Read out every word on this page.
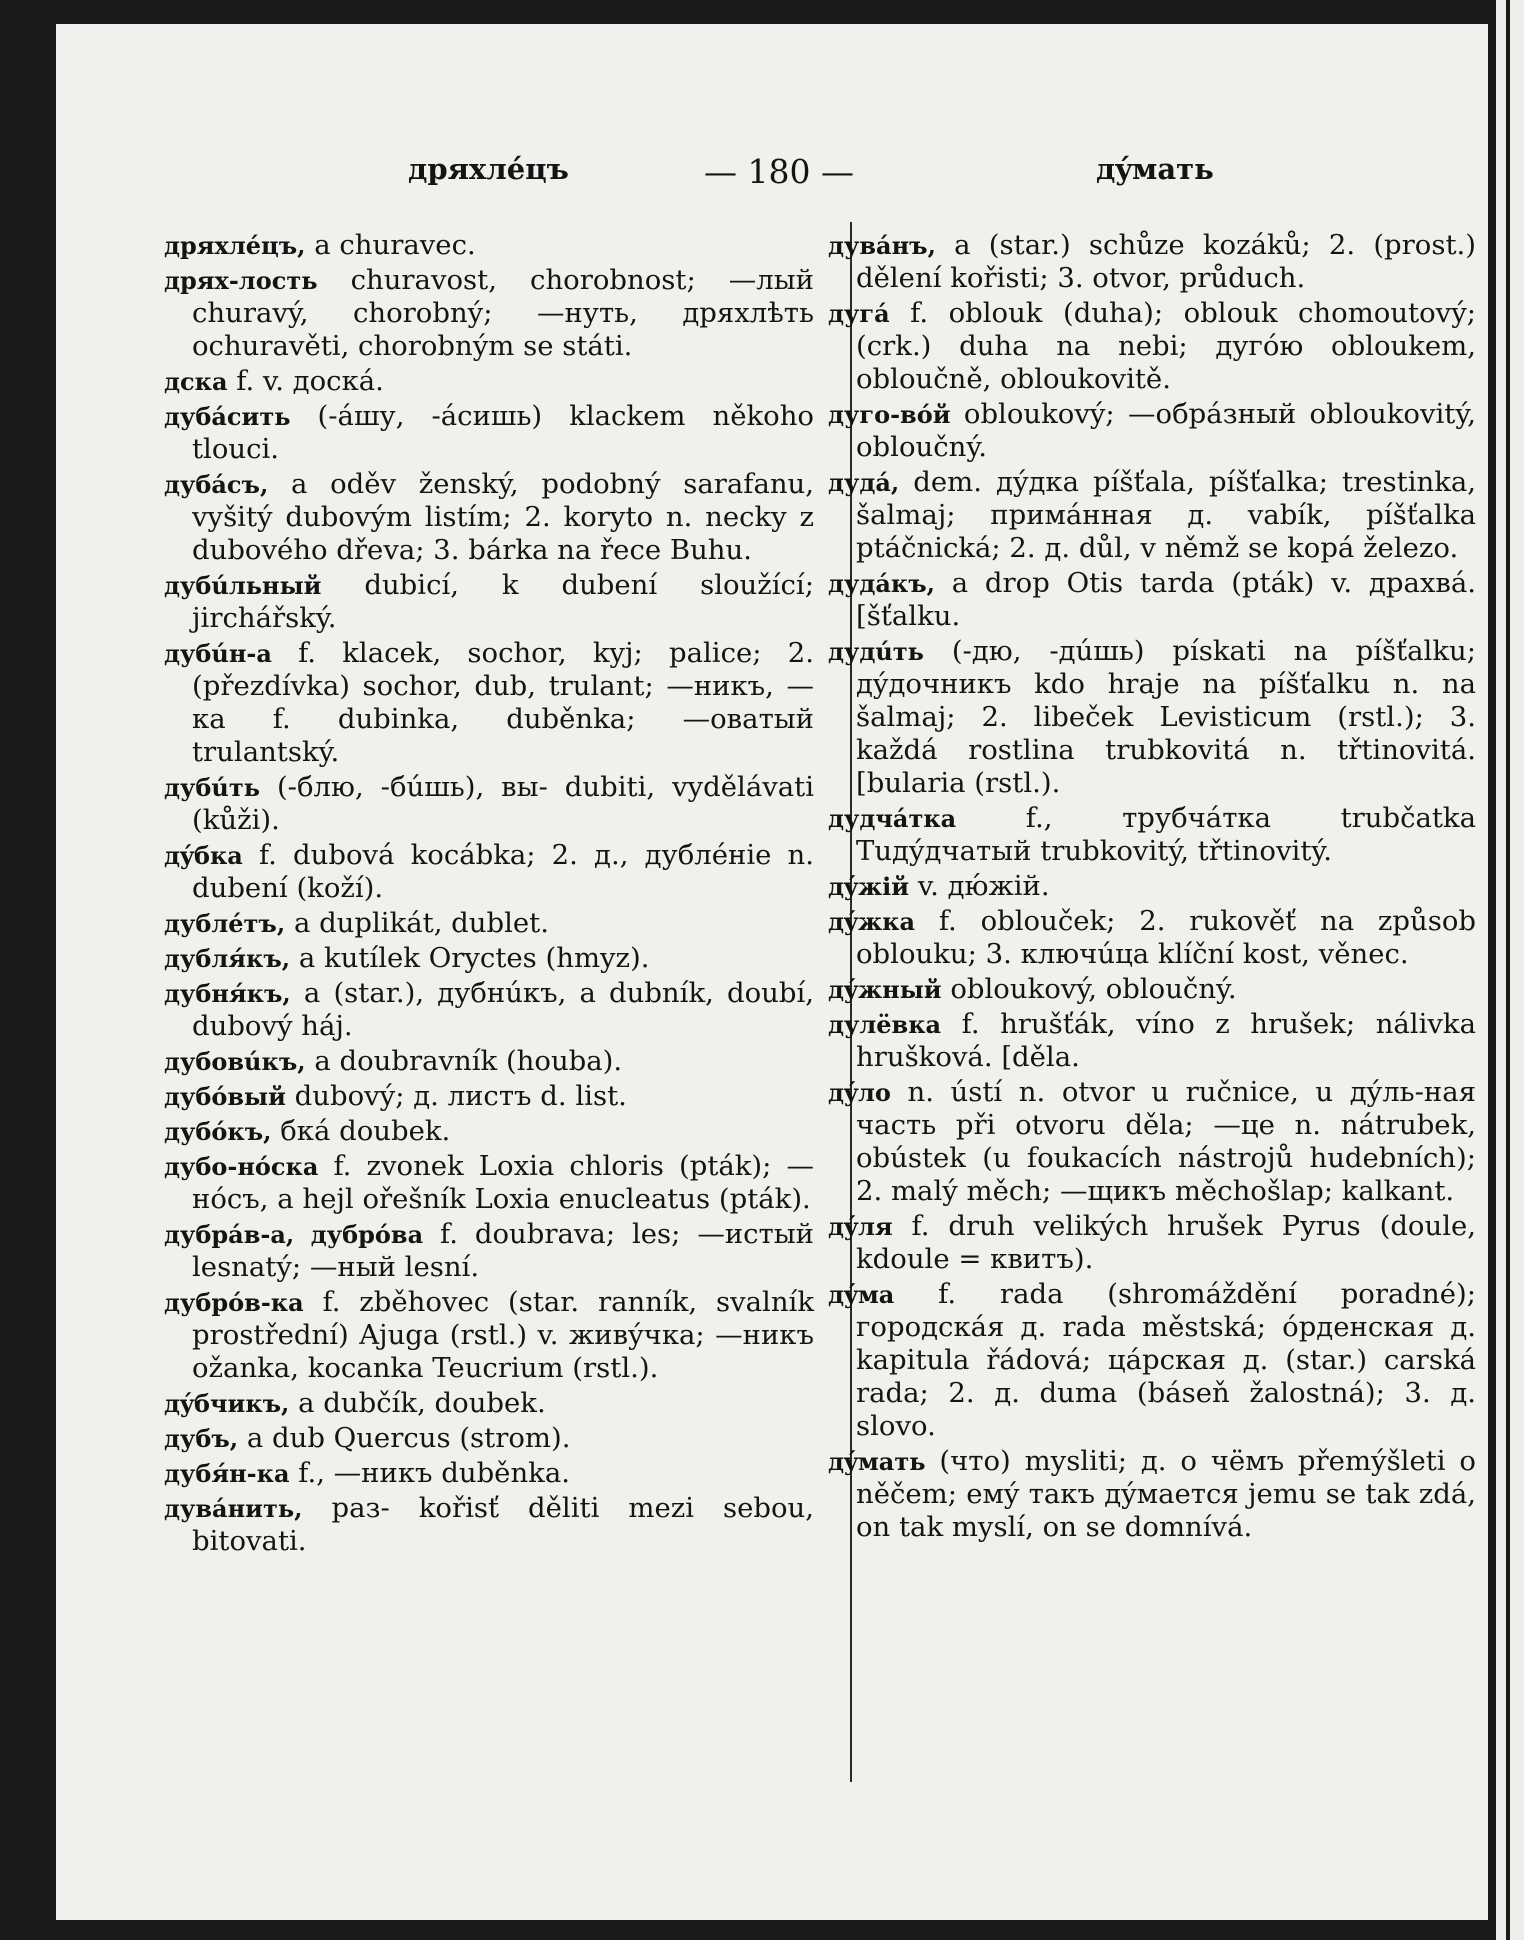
дряхлéцъ	— 180 —	дýмать

дряхлéцъ, a churavec.

дрях-лость churavost, chorobnost; —лый churavý, chorobný; —нуть, дряхлѣть ochuravěti, chorobným se státi.

дска f. v. доскá.

дубáсить (-áшу, -áсишь) klackem někoho tlouci.

дубáсъ, a oděv ženský, podobný sarafanu, vyšitý dubovým listím; 2. koryto n. necky z dubového dřeva; 3. bárka na řece Buhu.

дубúльный dubicí, k dubení sloužící; jirchářský.

дубúн-а f. klacek, sochor, kyj; palice; 2. (přezdívka) sochor, dub, trulant; —никъ, —ка f. dubinka, duběnka; —оватый trulantský.

дубúть (-блю, -бúшь), вы- dubiti, vydělávati (kůži).

дýбка f. dubová kocábka; 2. д., дублéніе n. dubení (koží).

дублéтъ, a duplikát, dublet.

дубля́къ, a kutílek Oryctes (hmyz).

дубня́къ, a (star.), дубнúкъ, a dubník, doubí, dubový háj.

дубовúкъ, a doubravník (houba).

дубóвый dubový; д. листъ d. list.

дубóкъ, бкá doubek.

дубо-нóска f. zvonek Loxia chloris (pták); —нóсъ, a hejl ořešník Loxia enucleatus (pták).

дубрáв-а, дубрóва f. doubrava; les; —истый lesnatý; —ный lesní.

дубрóв-ка f. zběhovec (star. ranník, svalník prostřední) Ajuga (rstl.) v. живýчка; —никъ ožanka, kocanka Teucrium (rstl.).

дýбчикъ, a dubčík, doubek.

дубъ, a dub Quercus (strom).

дубя́н-ка f., —никъ duběnka.

дувáнить, раз- kořisť děliti mezi sebou, bitovati.

дувáнъ, a (star.) schůze kozáků; 2. (prost.) dělení kořisti; 3. otvor, průduch.

дугá f. oblouk (duha); oblouk chomoutový; (crk.) duha na nebi; дугóю obloukem, obloučně, obloukovitě.

дуго-вóй obloukový; —обрáзный obloukovitý, obloučný.

дудá, dem. дýдка píšťala, píšťalka; trestinka, šalmaj; примáнная д. vabík, píšťalka ptáčnická; 2. д. důl, v němž se kopá železo.

дудáкъ, a drop Otis tarda (pták) v. драхвá. [šťalku.

дудúть (-дю, -дúшь) pískati na píšťalku; дýдочникъ kdo hraje na píšťalku n. na šalmaj; 2. libeček Levisticum (rstl.); 3. každá rostlina trubkovitá n. třtinovitá. [bularia (rstl.).

дудчáтка f., трубчáтка trubčatka Tuдýдчатый trubkovitý, třtinovitý.

дýжій v. дю́жій.

дýжка f. oblouček; 2. rukověť na způsob oblouku; 3. ключúца klíční kost, věnec.

дýжный obloukový, obloučný.

дулёвка f. hrušťák, víno z hrušek; nálivka hrušková. [děla.

дýло n. ústí n. otvor u ručnice, u дýль-ная часть při otvoru děla; —це n. nátrubek, obústek (u foukacích nástrojů hudebních); 2. malý měch; —щикъ měchošlap; kalkant.

дýля f. druh velikých hrušek Pyrus (doule, kdoule = квитъ).

дýма f. rada (shromáždění poradné); городскáя д. rada městská; óрденская д. kapitula řádová; цáрская д. (star.) carská rada; 2. д. duma (báseň žalostná); 3. д. slovo.

дýмать (что) mysliti; д. о чёмъ přemýšleti o něčem; емý такъ дýмается jemu se tak zdá, on tak myslí, on se domnívá.
